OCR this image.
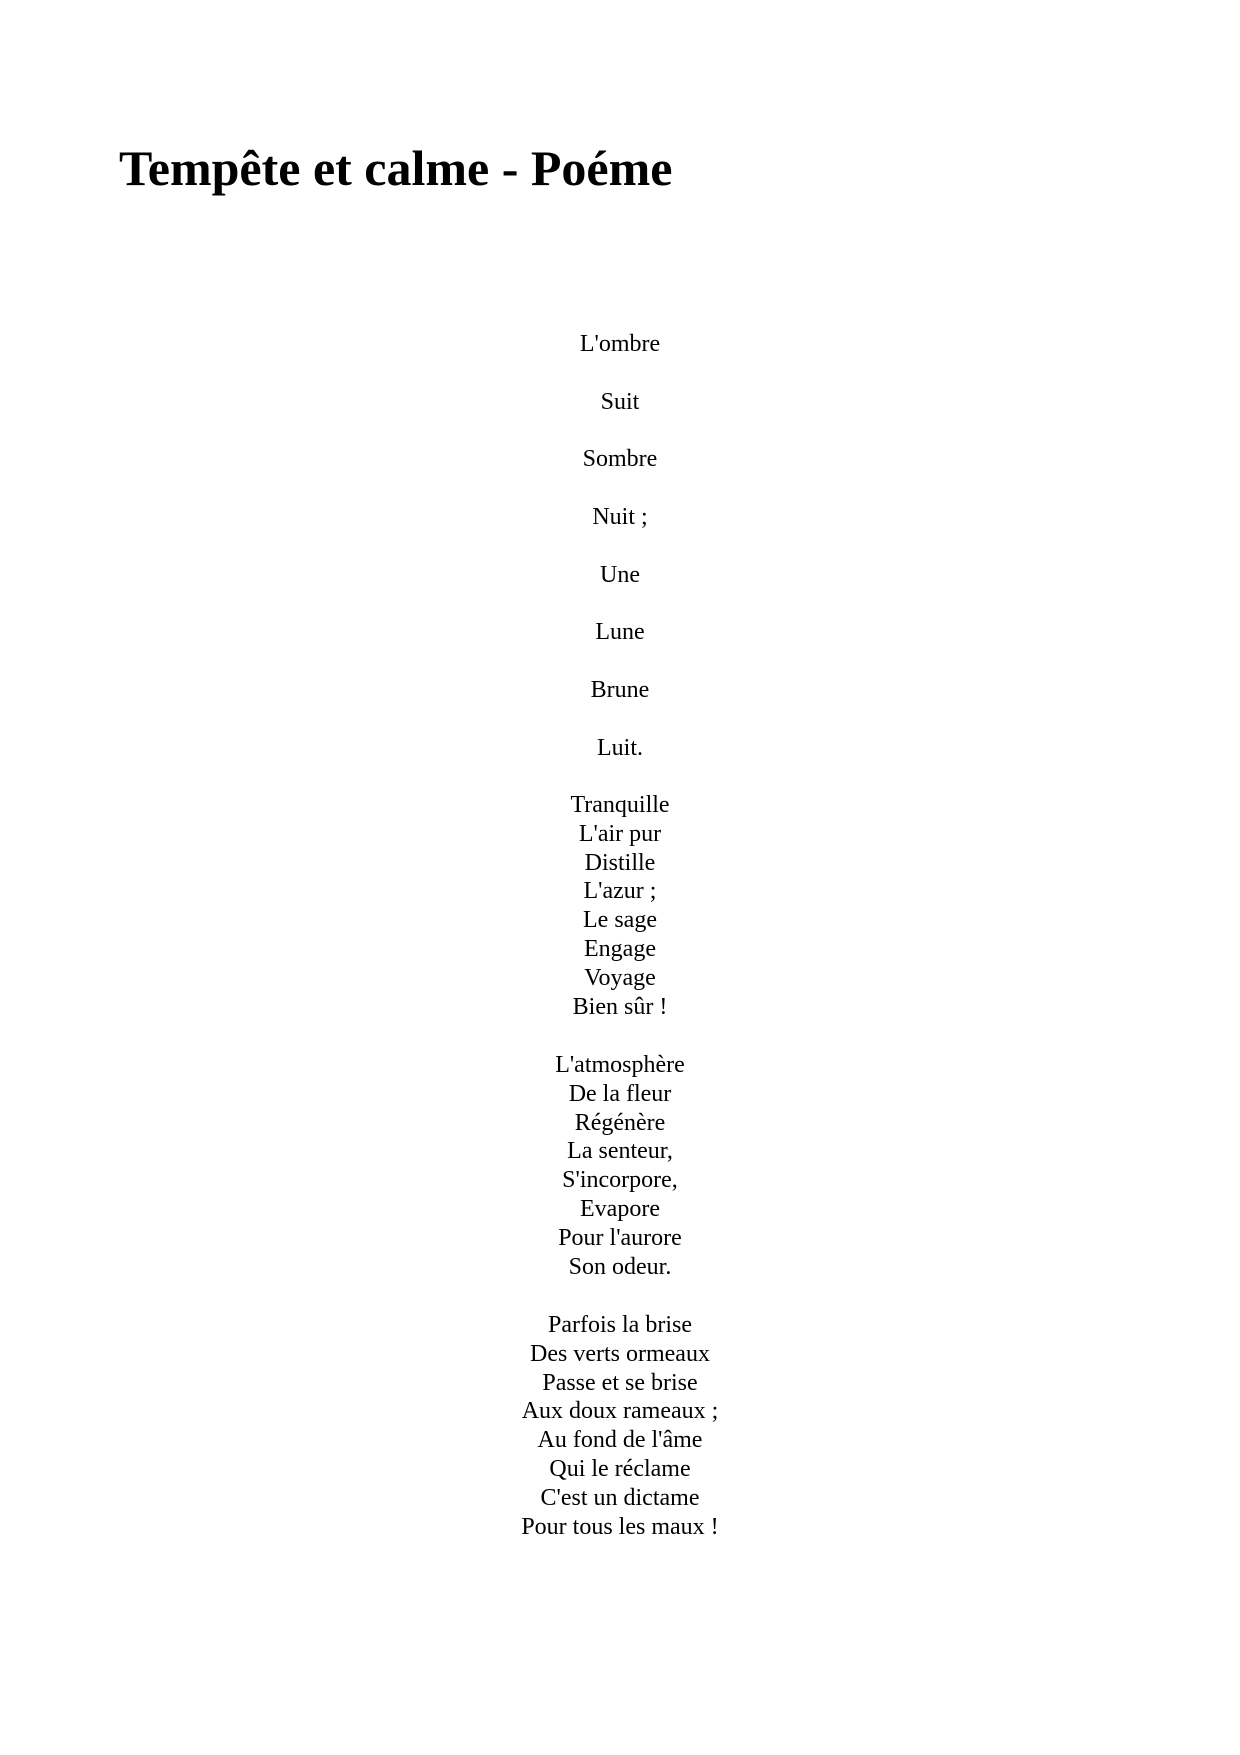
Tempête et calme - Poéme
L'ombre
Suit
Sombre
Nuit ;
Une
Lune
Brune
Luit.
Tranquille
L'air pur
Distille
L'azur ;
Le sage
Engage
Voyage
Bien sûr !
L'atmosphère
De la fleur
Régénère
La senteur,
S'incorpore,
Evapore
Pour l'aurore
Son odeur.
Parfois la brise
Des verts ormeaux
Passe et se brise
Aux doux rameaux ;
Au fond de l'âme
Qui le réclame
C'est un dictame
Pour tous les maux !
